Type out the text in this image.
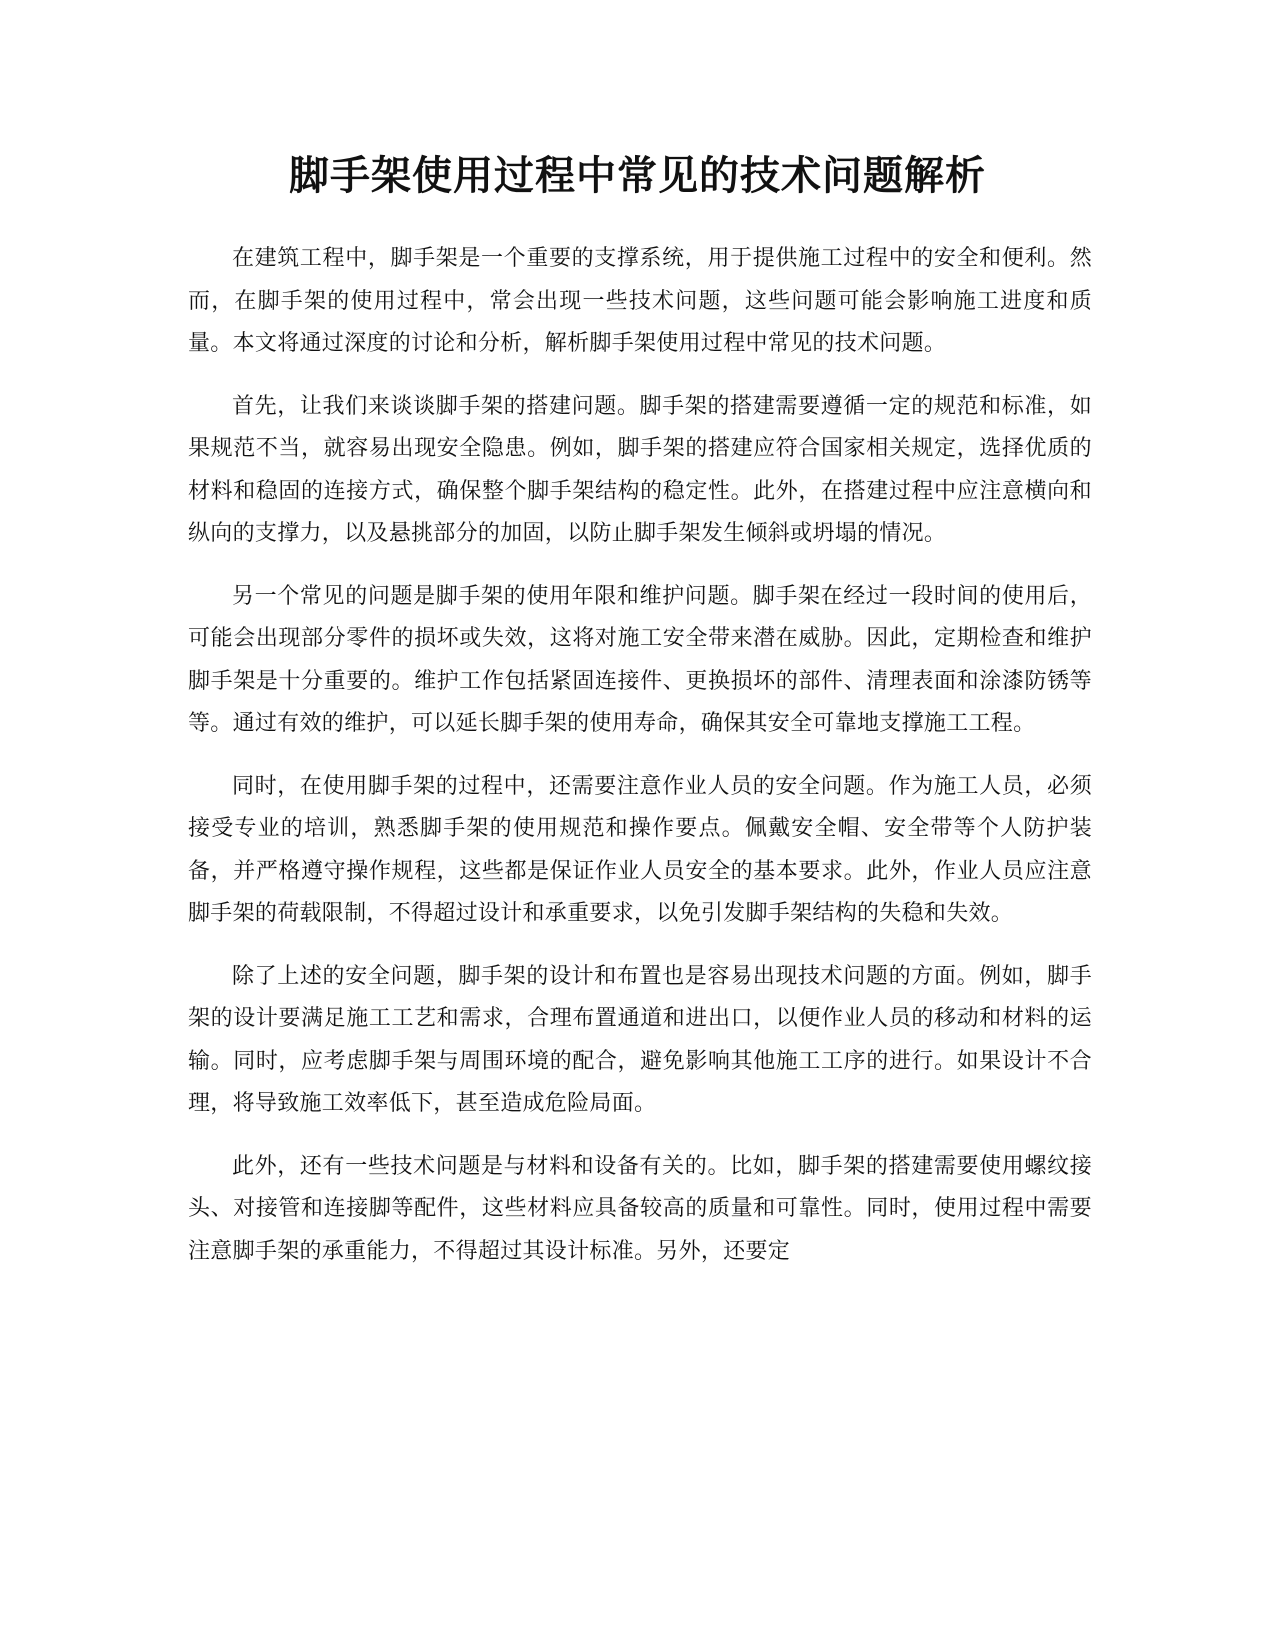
脚手架使用过程中常见的技术问题解析

在建筑工程中，脚手架是一个重要的支撑系统，用于提供施工过程中的安全和便利。然而，在脚手架的使用过程中，常会出现一些技术问题，这些问题可能会影响施工进度和质量。本文将通过深度的讨论和分析，解析脚手架使用过程中常见的技术问题。

首先，让我们来谈谈脚手架的搭建问题。脚手架的搭建需要遵循一定的规范和标准，如果规范不当，就容易出现安全隐患。例如，脚手架的搭建应符合国家相关规定，选择优质的材料和稳固的连接方式，确保整个脚手架结构的稳定性。此外，在搭建过程中应注意横向和纵向的支撑力，以及悬挑部分的加固，以防止脚手架发生倾斜或坍塌的情况。

另一个常见的问题是脚手架的使用年限和维护问题。脚手架在经过一段时间的使用后，可能会出现部分零件的损坏或失效，这将对施工安全带来潜在威胁。因此，定期检查和维护脚手架是十分重要的。维护工作包括紧固连接件、更换损坏的部件、清理表面和涂漆防锈等等。通过有效的维护，可以延长脚手架的使用寿命，确保其安全可靠地支撑施工工程。

同时，在使用脚手架的过程中，还需要注意作业人员的安全问题。作为施工人员，必须接受专业的培训，熟悉脚手架的使用规范和操作要点。佩戴安全帽、安全带等个人防护装备，并严格遵守操作规程，这些都是保证作业人员安全的基本要求。此外，作业人员应注意脚手架的荷载限制，不得超过设计和承重要求，以免引发脚手架结构的失稳和失效。

除了上述的安全问题，脚手架的设计和布置也是容易出现技术问题的方面。例如，脚手架的设计要满足施工工艺和需求，合理布置通道和进出口，以便作业人员的移动和材料的运输。同时，应考虑脚手架与周围环境的配合，避免影响其他施工工序的进行。如果设计不合理，将导致施工效率低下，甚至造成危险局面。

此外，还有一些技术问题是与材料和设备有关的。比如，脚手架的搭建需要使用螺纹接头、对接管和连接脚等配件，这些材料应具备较高的质量和可靠性。同时，使用过程中需要注意脚手架的承重能力，不得超过其设计标准。另外，还要定
